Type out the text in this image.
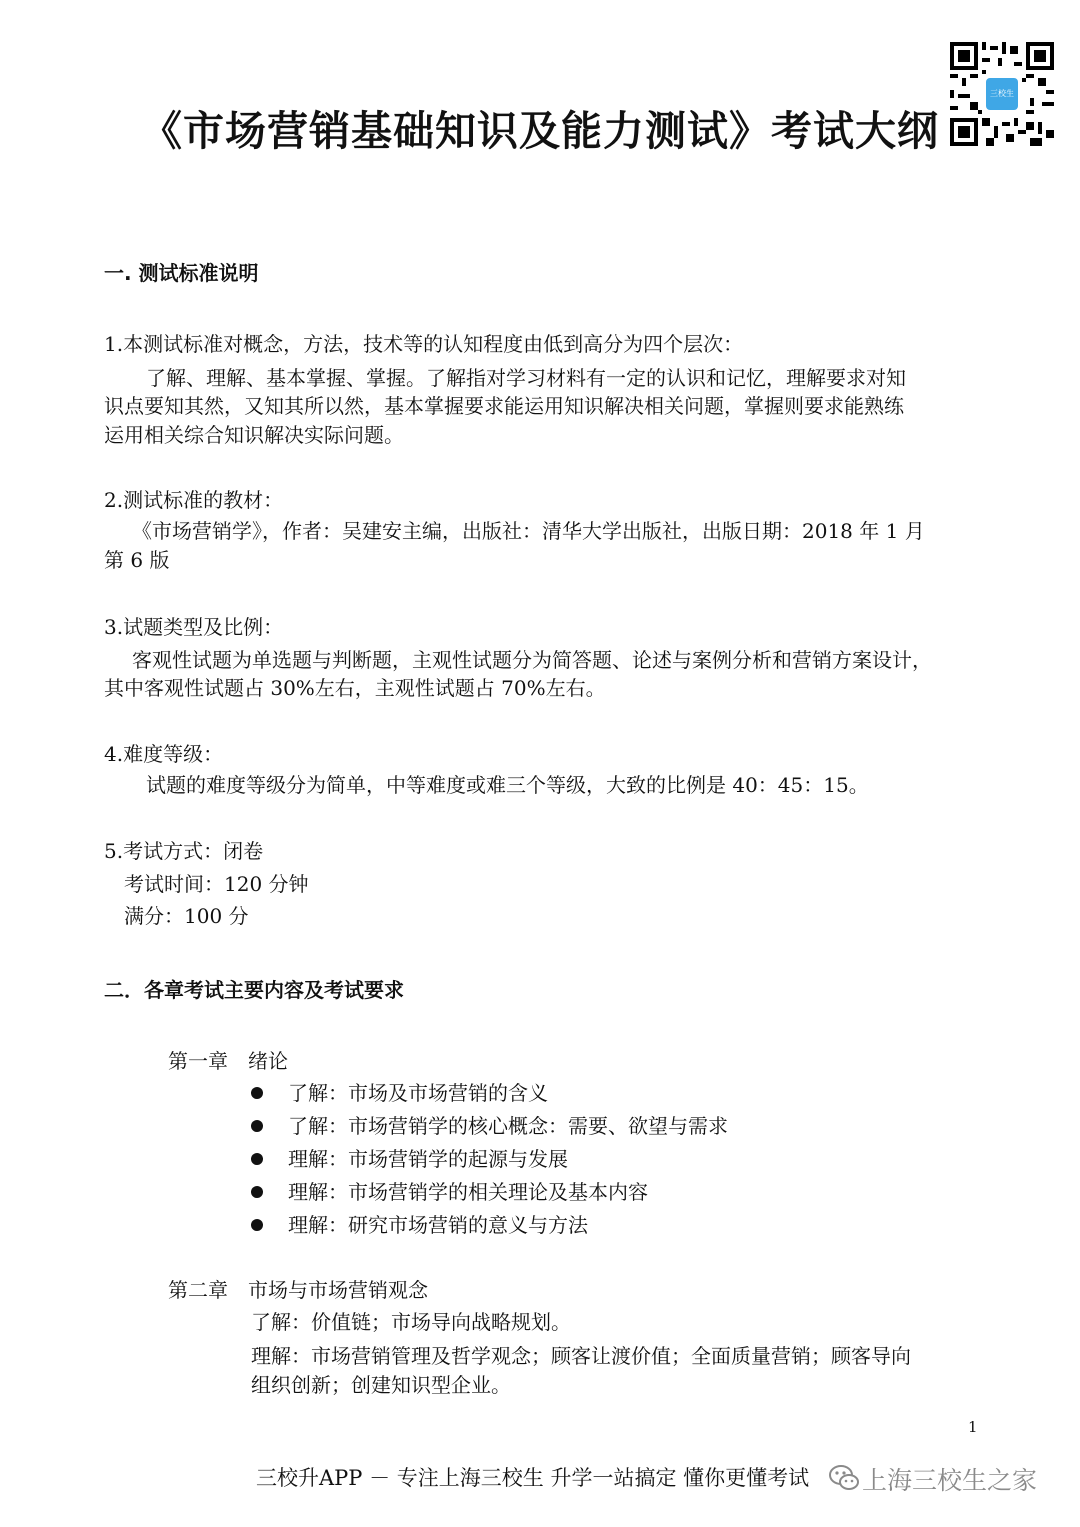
三校生
《市场营销基础知识及能力测试》考试大纲
一. 测试标准说明
1.本测试标准对概念，方法，技术等的认知程度由低到高分为四个层次：
了解、理解、基本掌握、掌握。了解指对学习材料有一定的认识和记忆，理解要求对知
识点要知其然，又知其所以然，基本掌握要求能运用知识解决相关问题，掌握则要求能熟练
运用相关综合知识解决实际问题。
2.测试标准的教材：
《市场营销学》，作者：吴建安主编，出版社：清华大学出版社，出版日期：2018 年 1 月
第 6 版
3.试题类型及比例：
客观性试题为单选题与判断题，主观性试题分为简答题、论述与案例分析和营销方案设计，
其中客观性试题占 30%左右，主观性试题占 70%左右。
4.难度等级：
试题的难度等级分为简单，中等难度或难三个等级，大致的比例是 40：45：15。
5.考试方式：闭卷
考试时间：120 分钟
满分：100 分
二．各章考试主要内容及考试要求
第一章　绪论
了解：市场及市场营销的含义
了解：市场营销学的核心概念：需要、欲望与需求
理解：市场营销学的起源与发展
理解：市场营销学的相关理论及基本内容
理解：研究市场营销的意义与方法
第二章　市场与市场营销观念
了解：价值链；市场导向战略规划。
理解：市场营销管理及哲学观念；顾客让渡价值；全面质量营销；顾客导向
组织创新；创建知识型企业。
1
三校升APP － 专注上海三校生 升学一站搞定 懂你更懂考试 上海三校生之家
